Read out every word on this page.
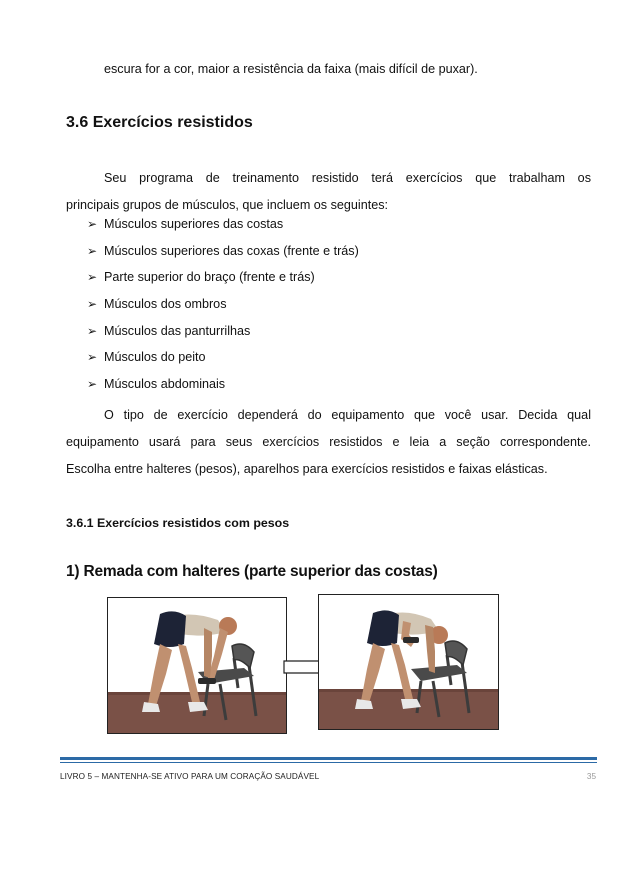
escura for a cor, maior a resistência da faixa (mais difícil de puxar).
3.6 Exercícios resistidos
Seu programa de treinamento resistido terá exercícios que trabalham os
principais grupos de músculos, que incluem os seguintes:
➢ Músculos superiores das costas
➢ Músculos superiores das coxas (frente e trás)
➢ Parte superior do braço (frente e trás)
➢ Músculos dos ombros
➢ Músculos das panturrilhas
➢ Músculos do peito
➢ Músculos abdominais
O tipo de exercício dependerá do equipamento que você usar. Decida qual
equipamento usará para seus exercícios resistidos e leia a seção correspondente.
Escolha entre halteres (pesos), aparelhos para exercícios resistidos e faixas elásticas.
3.6.1 Exercícios resistidos com pesos
1) Remada com halteres (parte superior das costas)
LIVRO 5 – MANTENHA-SE ATIVO PARA UM CORAÇÃO SAUDÁVEL	35
